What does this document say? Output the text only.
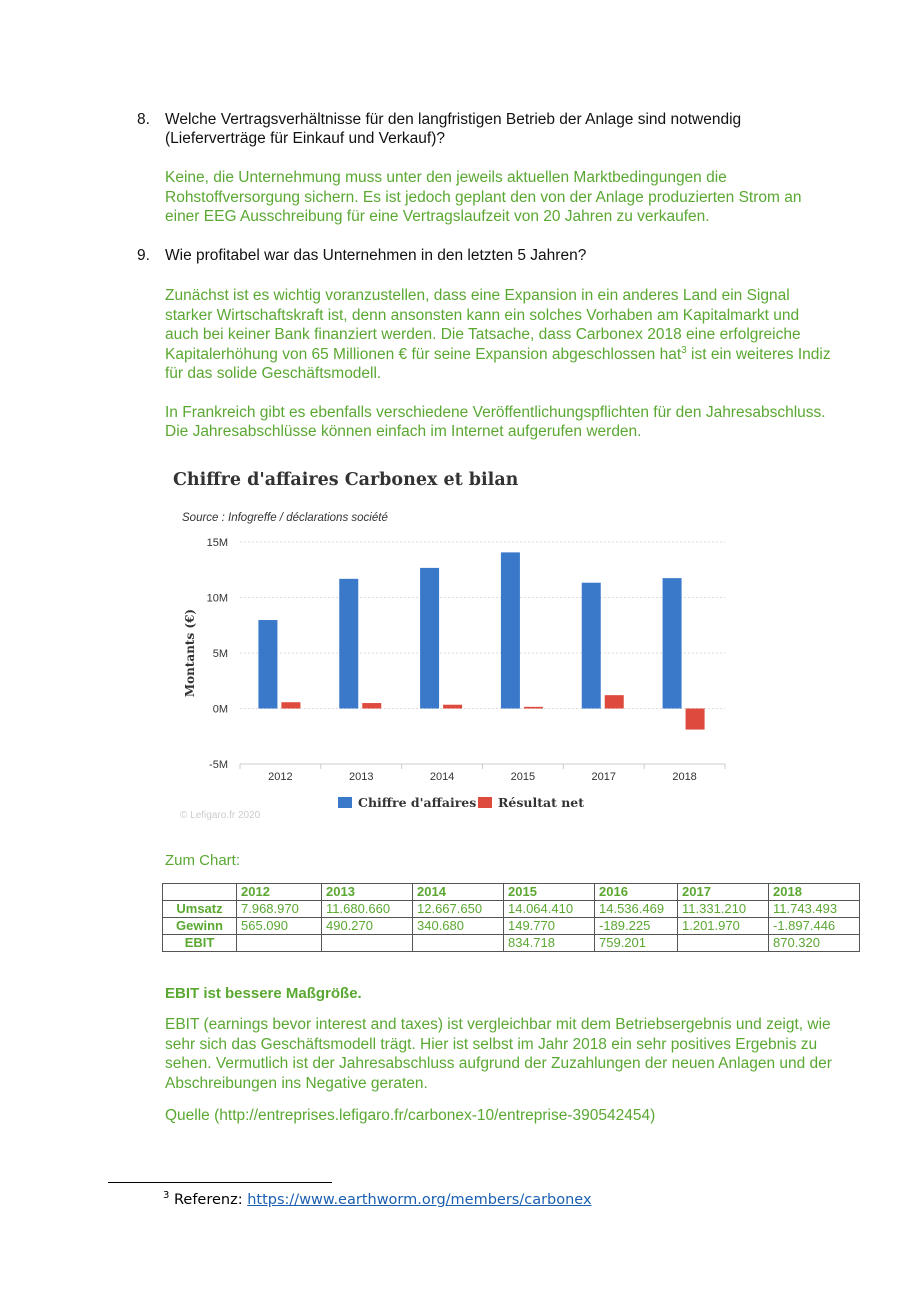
8. Welche Vertragsverhältnisse für den langfristigen Betrieb der Anlage sind notwendig (Lieferverträge für Einkauf und Verkauf)?

Keine, die Unternehmung muss unter den jeweils aktuellen Marktbedingungen die Rohstoffversorgung sichern. Es ist jedoch geplant den von der Anlage produzierten Strom an einer EEG Ausschreibung für eine Vertragslaufzeit von 20 Jahren zu verkaufen.

9. Wie profitabel war das Unternehmen in den letzten 5 Jahren?

Zunächst ist es wichtig voranzustellen, dass eine Expansion in ein anderes Land ein Signal starker Wirtschaftskraft ist, denn ansonsten kann ein solches Vorhaben am Kapitalmarkt und auch bei keiner Bank finanziert werden. Die Tatsache, dass Carbonex 2018 eine erfolgreiche Kapitalerhöhung von 65 Millionen € für seine Expansion abgeschlossen hat$^3$ ist ein weiteres Indiz für das solide Geschäftsmodell.

In Frankreich gibt es ebenfalls verschiedene Veröffentlichungspflichten für den Jahresabschluss. Die Jahresabschlüsse können einfach im Internet aufgerufen werden.

Chiffre d'affaires Carbonex et bilan
Source : Infogreffe / déclarations société
-5M
0M
5M
10M
15M
Montants (€)
2012	2013	2014	2015	2017	2018
Chiffre d'affaires Résultat net
© Lefigaro.fr 2020
Zum Chart:
	2012	2013	2014	2015	2016	2017	2018
Umsatz	7.968.970	11.680.660	12.667.650	14.064.410	14.536.469	11.331.210	11.743.493
Gewinn	565.090	490.270	340.680	149.770	-189.225	1.201.970	-1.897.446
EBIT				834.718	759.201		870.320
EBIT ist bessere Maßgröße.

EBIT (earnings bevor interest and taxes) ist vergleichbar mit dem Betriebsergebnis und zeigt, wie sehr sich das Geschäftsmodell trägt. Hier ist selbst im Jahr 2018 ein sehr positives Ergebnis zu sehen. Vermutlich ist der Jahresabschluss aufgrund der Zuzahlungen der neuen Anlagen und der Abschreibungen ins Negative geraten.

Quelle (http://entreprises.lefigaro.fr/carbonex-10/entreprise-390542454)

$^3$ Referenz: https://www.earthworm.org/members/carbonex
